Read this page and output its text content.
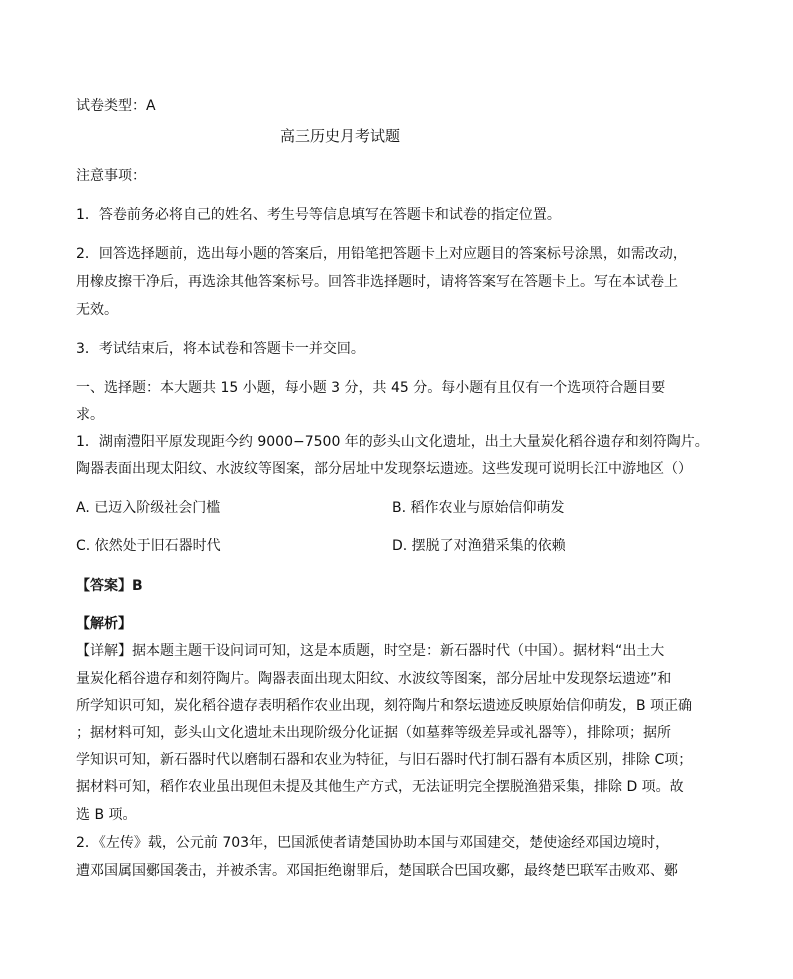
试卷类型：A
高三历史月考试题
注意事项：
1．答卷前务必将自己的姓名、考生号等信息填写在答题卡和试卷的指定位置。
2．回答选择题前，选出每小题的答案后，用铅笔把答题卡上对应题目的答案标号涂黑，如需改动，
用橡皮擦干净后，再选涂其他答案标号。回答非选择题时，请将答案写在答题卡上。写在本试卷上
无效。
3．考试结束后，将本试卷和答题卡一并交回。
一、选择题：本大题共 15 小题，每小题 3 分，共 45 分。每小题有且仅有一个选项符合题目要
求。
1．湖南澧阳平原发现距今约 9000−7500 年的彭头山文化遗址，出土大量炭化稻谷遗存和刻符陶片。
陶器表面出现太阳纹、水波纹等图案，部分居址中发现祭坛遗迹。这些发现可说明长江中游地区（）
A. 已迈入阶级社会门槛	B. 稻作农业与原始信仰萌发
C. 依然处于旧石器时代	D. 摆脱了对渔猎采集的依赖
【答案】B
【解析】
【详解】据本题主题干设问词可知，这是本质题，时空是：新石器时代（中国）。据材料“出土大
量炭化稻谷遗存和刻符陶片。陶器表面出现太阳纹、水波纹等图案，部分居址中发现祭坛遗迹”和
所学知识可知，炭化稻谷遗存表明稻作农业出现，刻符陶片和祭坛遗迹反映原始信仰萌发，B 项正确
；据材料可知，彭头山文化遗址未出现阶级分化证据（如墓葬等级差异或礼器等），排除项；据所
学知识可知，新石器时代以磨制石器和农业为特征，与旧石器时代打制石器有本质区别，排除 C项；
据材料可知，稻作农业虽出现但未提及其他生产方式，无法证明完全摆脱渔猎采集，排除 D 项。故
选 B 项。
2．《左传》载，公元前 703年，巴国派使者请楚国协助本国与邓国建交，楚使途经邓国边境时，
遭邓国属国鄾国袭击，并被杀害。邓国拒绝谢罪后，楚国联合巴国攻鄾，最终楚巴联军击败邓、鄾
